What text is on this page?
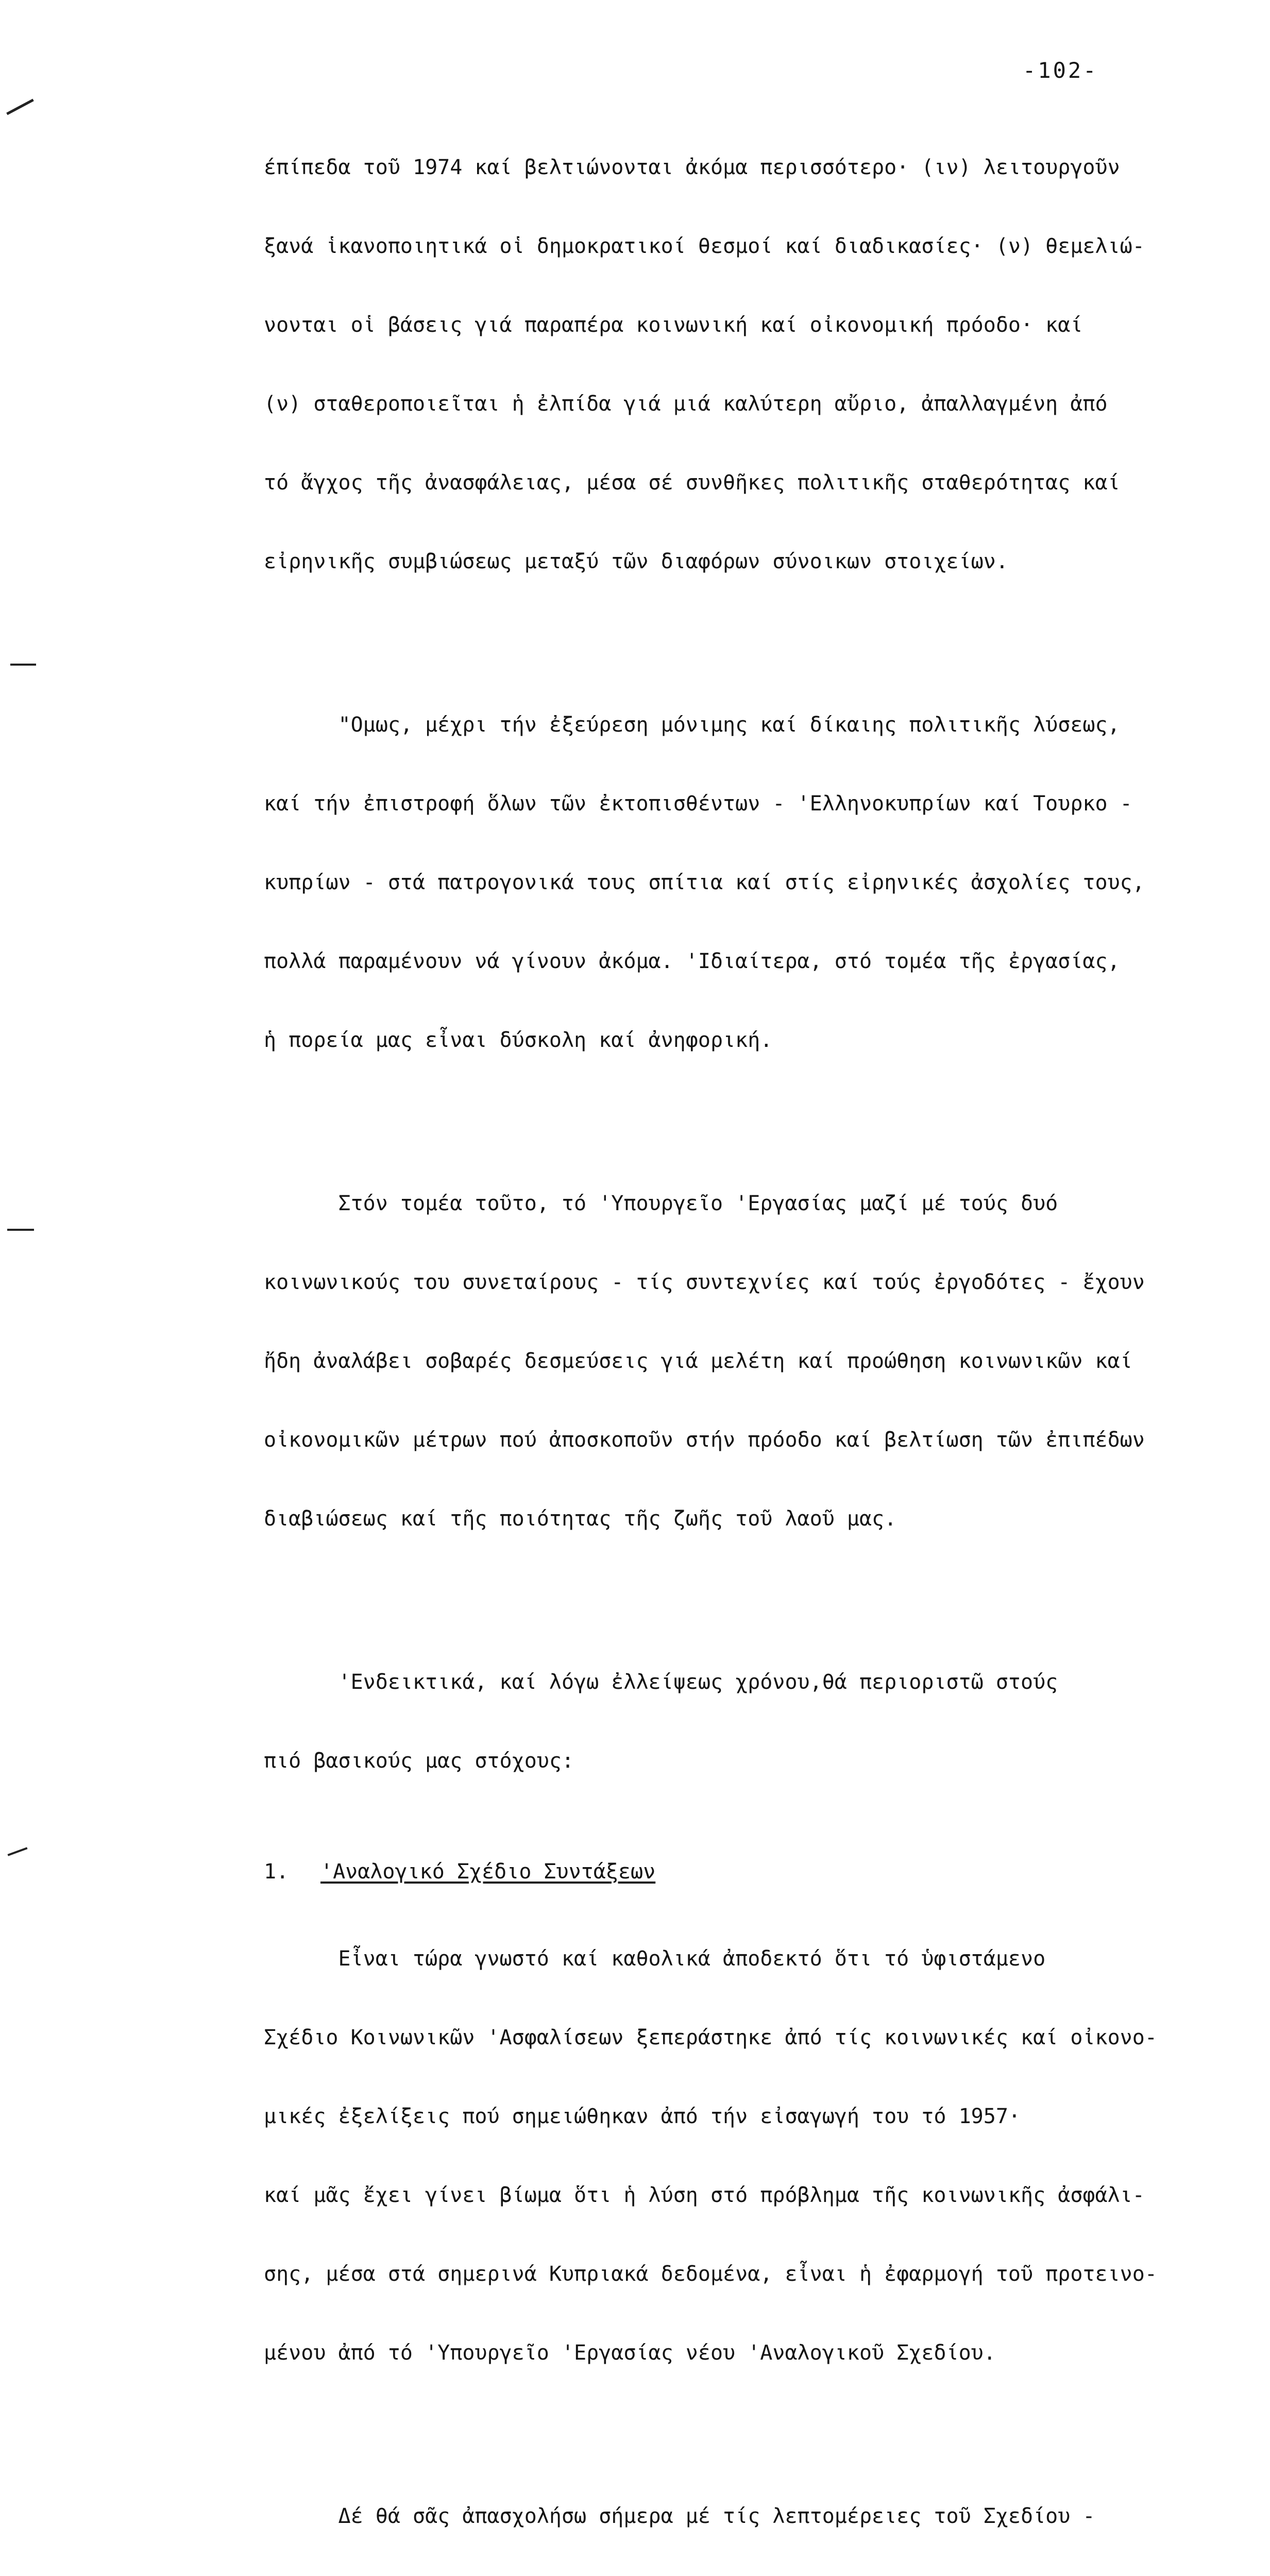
-102-

έπίπεδα τοῦ 1974 καί βελτιώνονται ἀκόμα περισσότερο· (ιν) λειτουργοῦν

ξανά ἱκανοποιητικά οἱ δημοκρατικοί θεσμοί καί διαδικασίες· (ν) θεμελιώ-

νονται οἱ βάσεις γιά παραπέρα κοινωνική καί οἰκονομική πρόοδο· καί

(ν) σταθεροποιεῖται ἡ ἐλπίδα γιά μιά καλύτερη αὔριο, ἀπαλλαγμένη ἀπό

τό ἄγχος τῆς ἀνασφάλειας, μέσα σέ συνθῆκες πολιτικῆς σταθερότητας καί

εἰρηνικῆς συμβιώσεως μεταξύ τῶν διαφόρων σύνοικων στοιχείων.

"Ομως, μέχρι τήν ἐξεύρεση μόνιμης καί δίκαιης πολιτικῆς λύσεως,

καί τήν ἐπιστροφή ὅλων τῶν ἐκτοπισθέντων - 'Ελληνοκυπρίων καί Τουρκο -

κυπρίων - στά πατρογονικά τους σπίτια καί στίς εἰρηνικές ἀσχολίες τους,

πολλά παραμένουν νά γίνουν ἀκόμα. 'Ιδιαίτερα, στό τομέα τῆς ἐργασίας,

ἡ πορεία μας εἶναι δύσκολη καί ἀνηφορική.

Στόν τομέα τοῦτο, τό 'Υπουργεῖο 'Εργασίας μαζί μέ τούς δυό

κοινωνικούς του συνεταίρους - τίς συντεχνίες καί τούς ἐργοδότες - ἔχουν

ἤδη ἀναλάβει σοβαρές δεσμεύσεις γιά μελέτη καί προώθηση κοινωνικῶν καί

οἰκονομικῶν μέτρων πού ἀποσκοποῦν στήν πρόοδο καί βελτίωση τῶν ἐπιπέδων

διαβιώσεως καί τῆς ποιότητας τῆς ζωῆς τοῦ λαοῦ μας.

'Ενδεικτικά, καί λόγω ἐλλείψεως χρόνου,θά περιοριστῶ στούς

πιό βασικούς μας στόχους:

1.	'Αναλογικό Σχέδιο Συντάξεων

Εἶναι τώρα γνωστό καί καθολικά ἀποδεκτό ὅτι τό ὑφιστάμενο

Σχέδιο Κοινωνικῶν 'Ασφαλίσεων ξεπεράστηκε ἀπό τίς κοινωνικές καί οἰκονο-

μικές ἐξελίξεις πού σημειώθηκαν ἀπό τήν εἰσαγωγή του τό 1957·

καί μᾶς ἔχει γίνει βίωμα ὅτι ἡ λύση στό πρόβλημα τῆς κοινωνικῆς ἀσφάλι-

σης, μέσα στά σημερινά Κυπριακά δεδομένα, εἶναι ἡ ἐφαρμογή τοῦ προτεινο-

μένου ἀπό τό 'Υπουργεῖο 'Εργασίας νέου 'Αναλογικοῦ Σχεδίου.

Δέ θά σᾶς ἀπασχολήσω σήμερα μέ τίς λεπτομέρειες τοῦ Σχεδίου -
